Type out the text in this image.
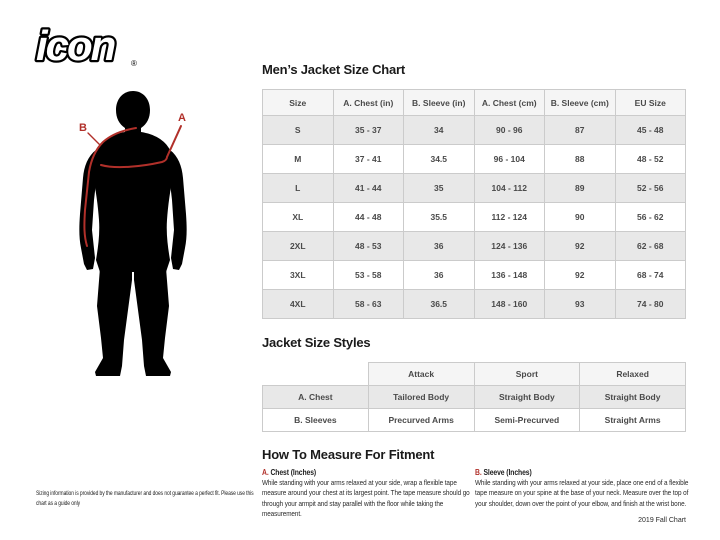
icon ®
B
A
Men’s Jacket Size Chart
Size	A. Chest (in)	B. Sleeve (in)	A. Chest (cm)	B. Sleeve (cm)	EU Size
S	35 - 37	34	90 - 96	87	45 - 48
M	37 - 41	34.5	96 - 104	88	48 - 52
L	41 - 44	35	104 - 112	89	52 - 56
XL	44 - 48	35.5	112 - 124	90	56 - 62
2XL	48 - 53	36	124 - 136	92	62 - 68
3XL	53 - 58	36	136 - 148	92	68 - 74
4XL	58 - 63	36.5	148 - 160	93	74 - 80
Jacket Size Styles
	Attack	Sport	Relaxed
A. Chest	Tailored Body	Straight Body	Straight Body
B. Sleeves	Precurved Arms	Semi-Precurved	Straight Arms
How To Measure For Fitment
A. Chest (Inches)
While standing with your arms relaxed at your side, wrap a flexible tape measure around your chest at its largest point. The tape measure should go through your armpit and stay parallel with the floor while taking the measurement.
B. Sleeve (Inches)
While standing with your arms relaxed at your side, place one end of a flexible tape measure on your spine at the base of your neck. Measure over the top of your shoulder, down over the point of your elbow, and finish at the wrist bone.
Sizing information is provided by the manufacturer and does not guarantee a perfect fit. Please use this chart as a guide only
2019 Fall Chart
